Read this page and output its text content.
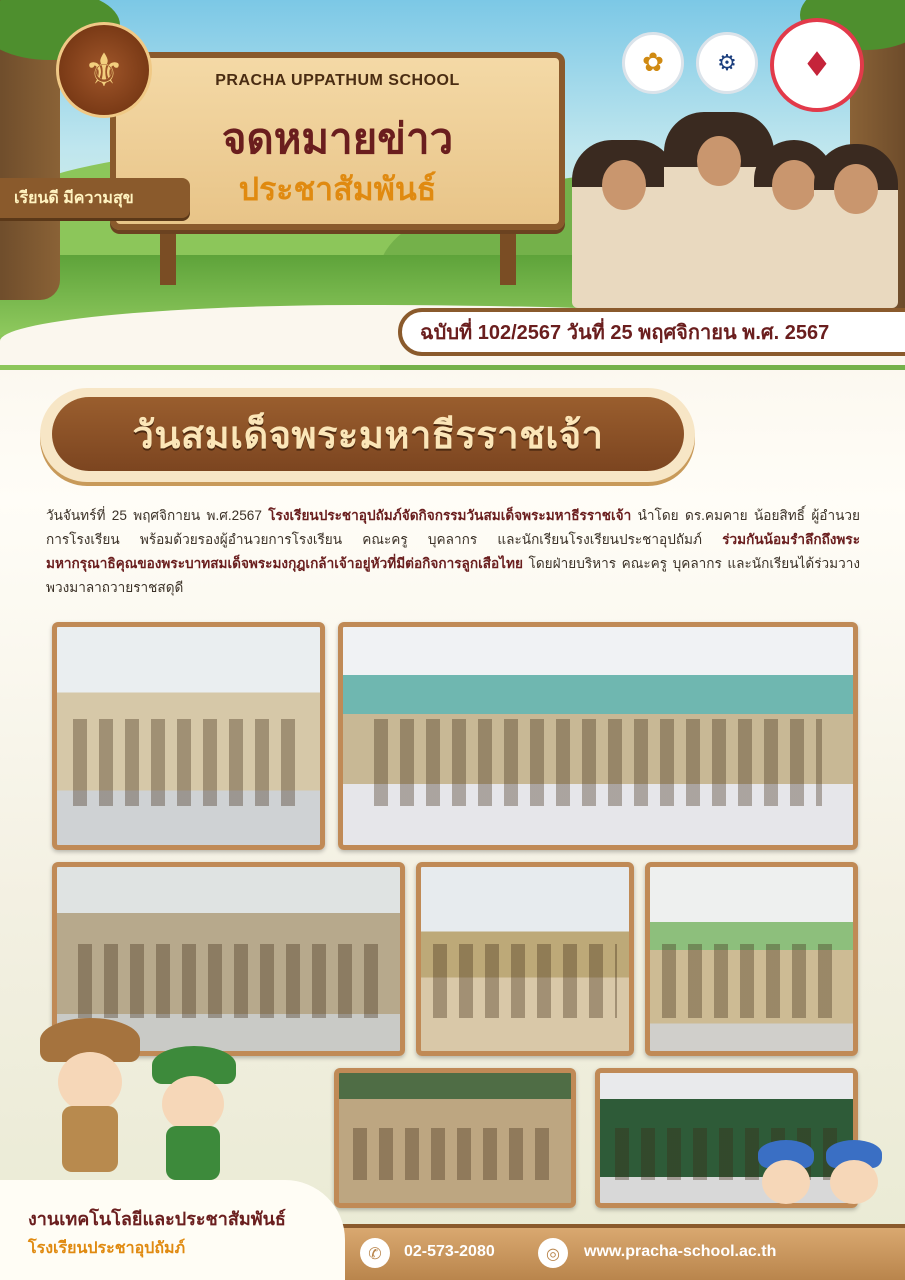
PRACHA UPPATHUM SCHOOL
จดหมายข่าว
ประชาสัมพันธ์
⚜
เรียนดี มีความสุข
✿	⚙	♦
ฉบับที่ 102/2567 วันที่ 25 พฤศจิกายน พ.ศ. 2567
วันสมเด็จพระมหาธีรราชเจ้า
วันจันทร์ที่ 25 พฤศจิกายน พ.ศ.2567 โรงเรียนประชาอุปถัมภ์จัดกิจกรรมวันสมเด็จพระมหาธีรราชเจ้า นำโดย ดร.คมคาย น้อยสิทธิ์ ผู้อำนวยการโรงเรียน พร้อมด้วยรองผู้อำนวยการโรงเรียน คณะครู บุคลากร และนักเรียนโรงเรียนประชาอุปถัมภ์ ร่วมกันน้อมรำลึกถึงพระมหากรุณาธิคุณของพระบาทสมเด็จพระมงกุฎเกล้าเจ้าอยู่หัวที่มีต่อกิจการลูกเสือไทย โดยฝ่ายบริหาร คณะครู บุคลากร และนักเรียนได้ร่วมวางพวงมาลาถวายราชสดุดี
งานเทคโนโลยีและประชาสัมพันธ์
โรงเรียนประชาอุปถัมภ์	✆	02-573-2080	◎	www.pracha-school.ac.th
